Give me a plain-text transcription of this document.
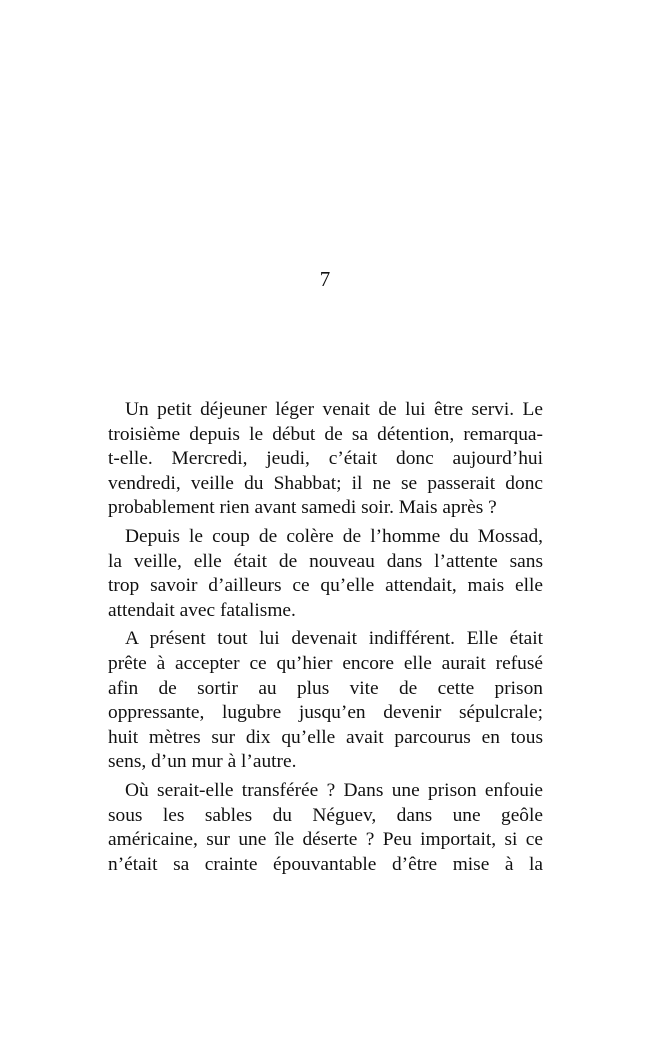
7

Un petit déjeuner léger venait de lui être servi. Le
troisième depuis le début de sa détention, remarqua-
t-elle. Mercredi, jeudi, c’était donc aujourd’hui
vendredi, veille du Shabbat; il ne se passerait donc
probablement rien avant samedi soir. Mais après ?

Depuis le coup de colère de l’homme du Mossad,
la veille, elle était de nouveau dans l’attente sans
trop savoir d’ailleurs ce qu’elle attendait, mais elle
attendait avec fatalisme.

A présent tout lui devenait indifférent. Elle était
prête à accepter ce qu’hier encore elle aurait refusé
afin de sortir au plus vite de cette prison
oppressante, lugubre jusqu’en devenir sépulcrale;
huit mètres sur dix qu’elle avait parcourus en tous
sens, d’un mur à l’autre.

Où serait-elle transférée ? Dans une prison enfouie
sous les sables du Néguev, dans une geôle
américaine, sur une île déserte ? Peu importait, si ce
n’était sa crainte épouvantable d’être mise à la
